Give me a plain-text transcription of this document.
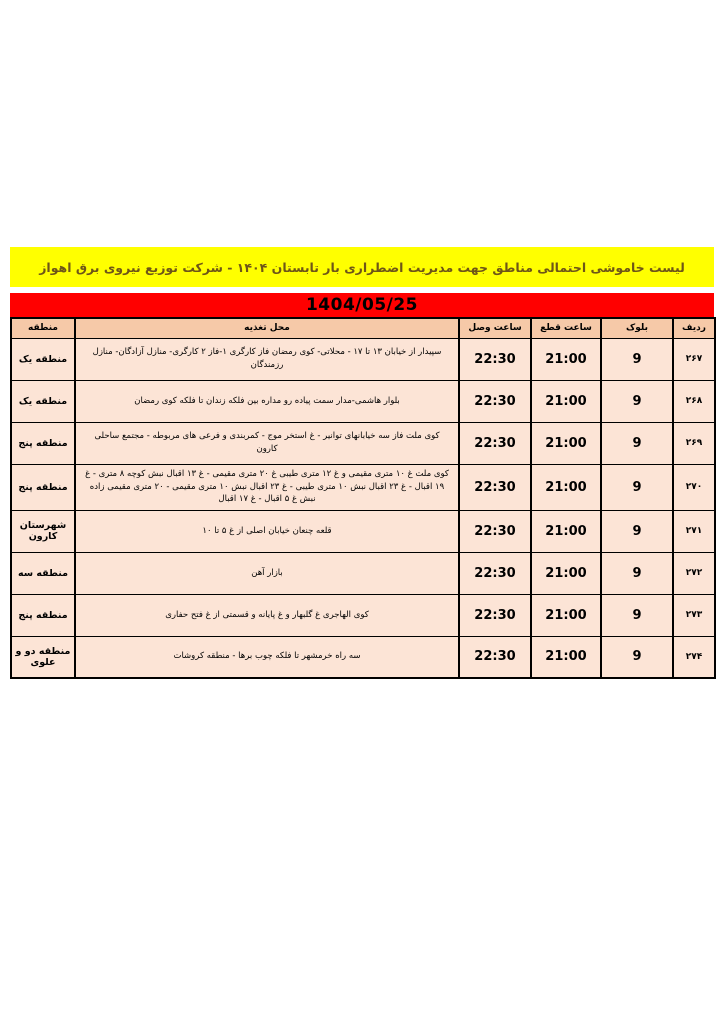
لیست خاموشی احتمالی مناطق جهت مدیریت اضطراری بار تابستان ۱۴۰۴ - شرکت توزیع نیروی برق اهواز
1404/05/25
ردیف	بلوک	ساعت قطع	ساعت وصل	محل تغذیه	منطقه
۲۶۷	9	21:00	22:30	سپیدار از خیابان ۱۳ تا ۱۷ - محلاتی- کوی رمضان فاز کارگری ۱-فاز ۲ کارگری- منازل آزادگان- منازل رزمندگان	منطقه یک
۲۶۸	9	21:00	22:30	بلوار هاشمی-مدار سمت پیاده رو مداره بین فلکه زندان تا فلکه کوی رمضان	منطقه یک
۲۶۹	9	21:00	22:30	کوی ملت فاز سه خیابانهای توانیر - غ استخر موج - کمربندی و فرعی های مربوطه - مجتمع ساحلی کارون	منطقه پنج
۲۷۰	9	21:00	22:30	کوی ملت غ ۱۰ متری مقیمی و غ ۱۲ متری طیبی غ ۲۰ متری مقیمی - غ ۱۳ اقبال نبش کوچه ۸ متری - غ ۱۹ اقبال - غ ۲۳ اقبال نبش ۱۰ متری طیبی - غ ۲۳ اقبال نبش ۱۰ متری مقیمی - ۲۰ متری مقیمی زاده نبش غ ۵ اقبال - غ ۱۷ اقبال	منطقه پنج
۲۷۱	9	21:00	22:30	قلعه چنعان خیابان اصلی از غ ۵ تا ۱۰	شهرستان کارون
۲۷۲	9	21:00	22:30	بازار آهن	منطقه سه
۲۷۳	9	21:00	22:30	کوی الهاجری غ گلبهار و غ پایانه و قسمتی از غ فتح حفاری	منطقه پنج
۲۷۴	9	21:00	22:30	سه راه خرمشهر تا فلکه چوب برها - منطقه کروشات	منطقه دو و علوی
